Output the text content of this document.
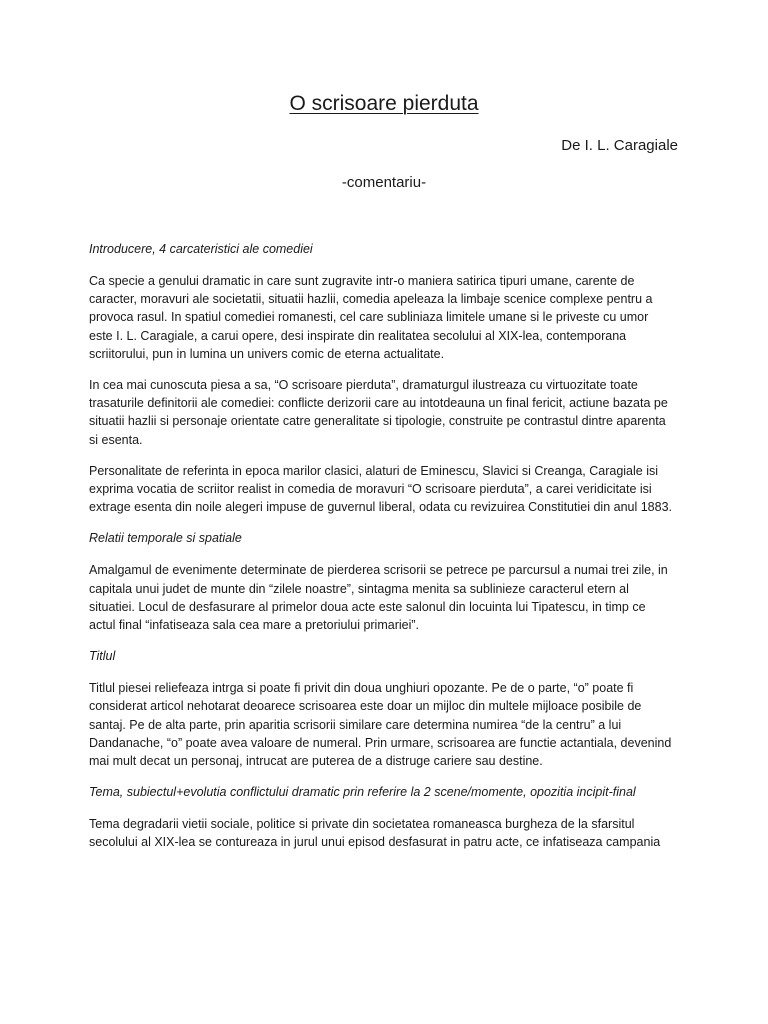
O scrisoare pierduta

De I. L. Caragiale

-comentariu-

Introducere, 4 carcateristici ale comediei

Ca specie a genului dramatic in care sunt zugravite intr-o maniera satirica tipuri umane, carente de caracter, moravuri ale societatii, situatii hazlii, comedia apeleaza la limbaje scenice complexe pentru a provoca rasul. In spatiul comediei romanesti, cel care subliniaza limitele umane si le priveste cu umor este I. L. Caragiale, a carui opere, desi inspirate din realitatea secolului al XIX-lea, contemporana scriitorului, pun in lumina un univers comic de eterna actualitate.

In cea mai cunoscuta piesa a sa, “O scrisoare pierduta”, dramaturgul ilustreaza cu virtuozitate toate trasaturile definitorii ale comediei: conflicte derizorii care au intotdeauna un final fericit, actiune bazata pe situatii hazlii si personaje orientate catre generalitate si tipologie, construite pe contrastul dintre aparenta si esenta.

Personalitate de referinta in epoca marilor clasici, alaturi de Eminescu, Slavici si Creanga, Caragiale isi exprima vocatia de scriitor realist in comedia de moravuri “O scrisoare pierduta”, a carei veridicitate isi extrage esenta din noile alegeri impuse de guvernul liberal, odata cu revizuirea Constitutiei din anul 1883.

Relatii temporale si spatiale

Amalgamul de evenimente determinate de pierderea scrisorii se petrece pe parcursul a numai trei zile, in capitala unui judet de munte din “zilele noastre”, sintagma menita sa sublinieze caracterul etern al situatiei. Locul de desfasurare al primelor doua acte este salonul din locuinta lui Tipatescu, in timp ce actul final “infatiseaza sala cea mare a pretoriului primariei”.

Titlul

Titlul piesei reliefeaza intrga si poate fi privit din doua unghiuri opozante. Pe de o parte, “o” poate fi considerat articol nehotarat deoarece scrisoarea este doar un mijloc din multele mijloace posibile de santaj. Pe de alta parte, prin aparitia scrisorii similare care determina numirea “de la centru” a lui Dandanache, “o” poate avea valoare de numeral. Prin urmare, scrisoarea are functie actantiala, devenind mai mult decat un personaj, intrucat are puterea de a distruge cariere sau destine.

Tema, subiectul+evolutia conflictului dramatic prin referire la 2 scene/momente, opozitia incipit-final

Tema degradarii vietii sociale, politice si private din societatea romaneasca burgheza de la sfarsitul secolului al XIX-lea se contureaza in jurul unui episod desfasurat in patru acte, ce infatiseaza campania
